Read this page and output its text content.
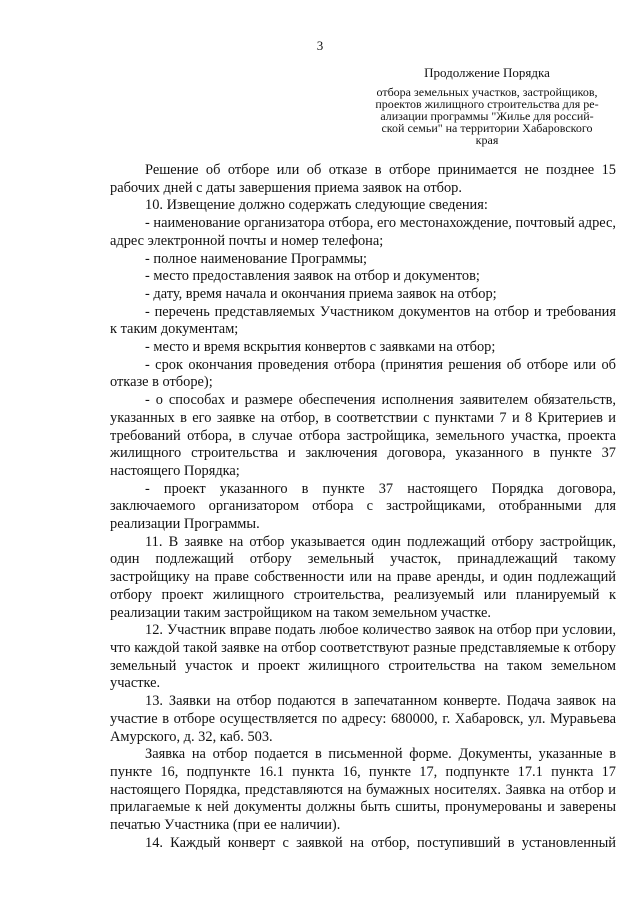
3
Продолжение Порядка
отбора земельных участков, застройщиков,
проектов жилищного строительства для ре-
ализации программы "Жилье для россий-
ской семьи" на территории Хабаровского
края

Решение об отборе или об отказе в отборе принимается не позднее 15 рабочих дней с даты завершения приема заявок на отбор.

10. Извещение должно содержать следующие сведения:

- наименование организатора отбора, его местонахождение, почтовый адрес, адрес электронной почты и номер телефона;

- полное наименование Программы;

- место предоставления заявок на отбор и документов;

- дату, время начала и окончания приема заявок на отбор;

- перечень представляемых Участником документов на отбор и требования к таким документам;

- место и время вскрытия конвертов с заявками на отбор;

- срок окончания проведения отбора (принятия решения об отборе или об отказе в отборе);

- о способах и размере обеспечения исполнения заявителем обязательств, указанных в его заявке на отбор, в соответствии с пунктами 7 и 8 Критериев и требований отбора, в случае отбора застройщика, земельного участка, проекта жилищного строительства и заключения договора, указанного в пункте 37 настоящего Порядка;

- проект указанного в пункте 37 настоящего Порядка договора, заключаемого организатором отбора с застройщиками, отобранными для реализации Программы.

11. В заявке на отбор указывается один подлежащий отбору застройщик, один подлежащий отбору земельный участок, принадлежащий такому застройщику на праве собственности или на праве аренды, и один подлежащий отбору проект жилищного строительства, реализуемый или планируемый к реализации таким застройщиком на таком земельном участке.

12. Участник вправе подать любое количество заявок на отбор при условии, что каждой такой заявке на отбор соответствуют разные представляемые к отбору земельный участок и проект жилищного строительства на таком земельном участке.

13. Заявки на отбор подаются в запечатанном конверте. Подача заявок на участие в отборе осуществляется по адресу: 680000, г. Хабаровск, ул. Муравьева Амурского, д. 32, каб. 503.

Заявка на отбор подается в письменной форме. Документы, указанные в пункте 16, подпункте 16.1 пункта 16, пункте 17, подпункте 17.1 пункта 17 настоящего Порядка, представляются на бумажных носителях. Заявка на отбор и прилагаемые к ней документы должны быть сшиты, пронумерованы и заверены печатью Участника (при ее наличии).

14. Каждый конверт с заявкой на отбор, поступивший в установленный
